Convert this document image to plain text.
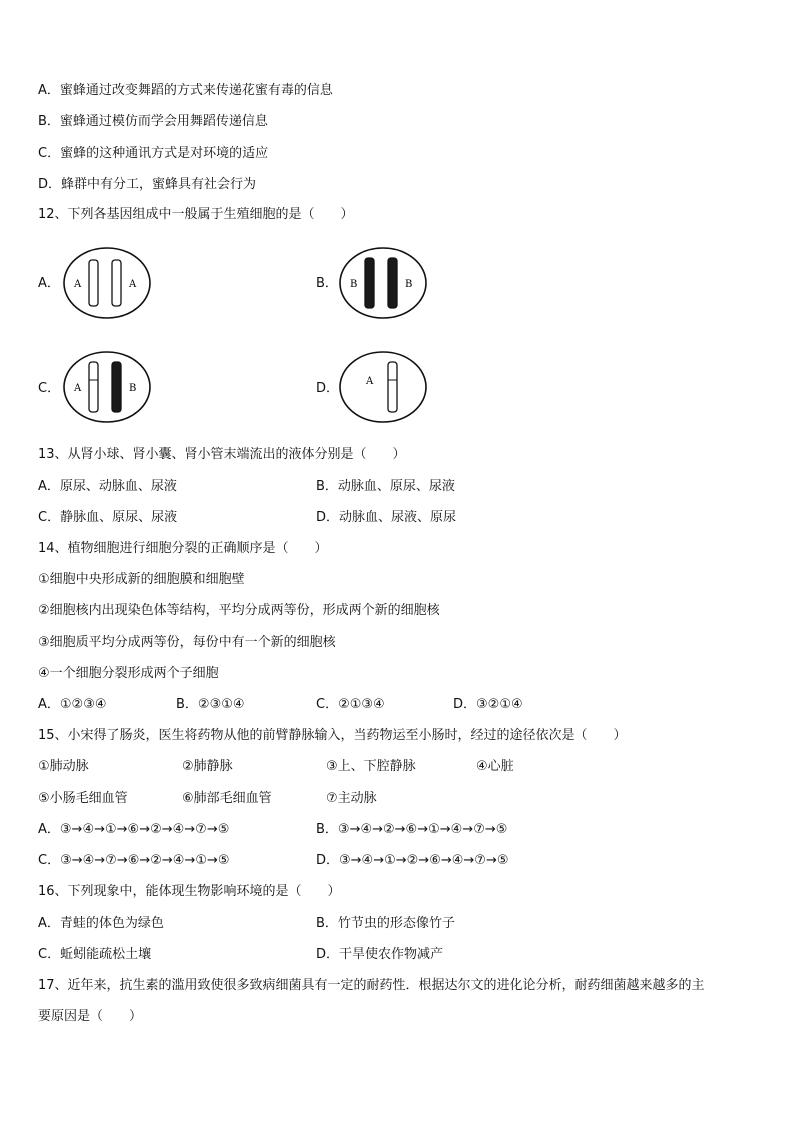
A．蜜蜂通过改变舞蹈的方式来传递花蜜有毒的信息
B．蜜蜂通过模仿而学会用舞蹈传递信息
C．蜜蜂的这种通讯方式是对环境的适应
D．蜂群中有分工，蜜蜂具有社会行为
12、下列各基因组成中一般属于生殖细胞的是（　　）
A． A	A	B． B	B
C． A	B	D．	A
13、从肾小球、肾小囊、肾小管末端流出的液体分别是（　　）
A．原尿、动脉血、尿液	B．动脉血、原尿、尿液
C．静脉血、原尿、尿液	D．动脉血、尿液、原尿
14、植物细胞进行细胞分裂的正确顺序是（　　）
①细胞中央形成新的细胞膜和细胞壁
②细胞核内出现染色体等结构，平均分成两等份，形成两个新的细胞核
③细胞质平均分成两等份，每份中有一个新的细胞核
④一个细胞分裂形成两个子细胞
A．①②③④	B．②③①④	C．②①③④	D．③②①④
15、小宋得了肠炎，医生将药物从他的前臂静脉输入，当药物运至小肠时，经过的途径依次是（　　）
①肺动脉	②肺静脉	③上、下腔静脉	④心脏
⑤小肠毛细血管	⑥肺部毛细血管	⑦主动脉
A．③→④→①→⑥→②→④→⑦→⑤	B．③→④→②→⑥→①→④→⑦→⑤
C．③→④→⑦→⑥→②→④→①→⑤	D．③→④→①→②→⑥→④→⑦→⑤
16、下列现象中，能体现生物影响环境的是（　　）
A．青蛙的体色为绿色	B．竹节虫的形态像竹子
C．蚯蚓能疏松土壤	D．干旱使农作物减产
17、近年来，抗生素的滥用致使很多致病细菌具有一定的耐药性．根据达尔文的进化论分析，耐药细菌越来越多的主
要原因是（　　）
